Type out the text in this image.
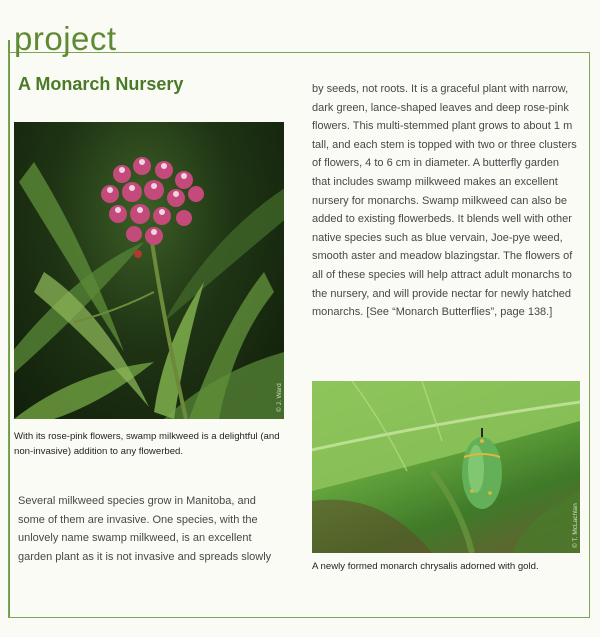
project
A Monarch Nursery
© J. Ward

With its rose-pink flowers, swamp milkweed is a delightful (and non-invasive) addition to any flowerbed.

Several milkweed species grow in Manitoba, and some of them are invasive. One species, with the unlovely name swamp milkweed, is an excellent garden plant as it is not invasive and spreads slowly

by seeds, not roots. It is a graceful plant with narrow, dark green, lance-shaped leaves and deep rose-pink flowers. This multi-stemmed plant grows to about 1 m tall, and each stem is topped with two or three clusters of flowers, 4 to 6 cm in diameter. A butterfly garden that includes swamp milkweed makes an excellent nursery for monarchs. Swamp milkweed can also be added to existing flowerbeds. It blends well with other native species such as blue vervain, Joe-pye weed, smooth aster and meadow blazingstar. The flowers of all of these species will help attract adult monarchs to the nursery, and will provide nectar for newly hatched monarchs. [See “Monarch Butterflies”, page 138.]

© T. McLachlan

A newly formed monarch chrysalis adorned with gold.
